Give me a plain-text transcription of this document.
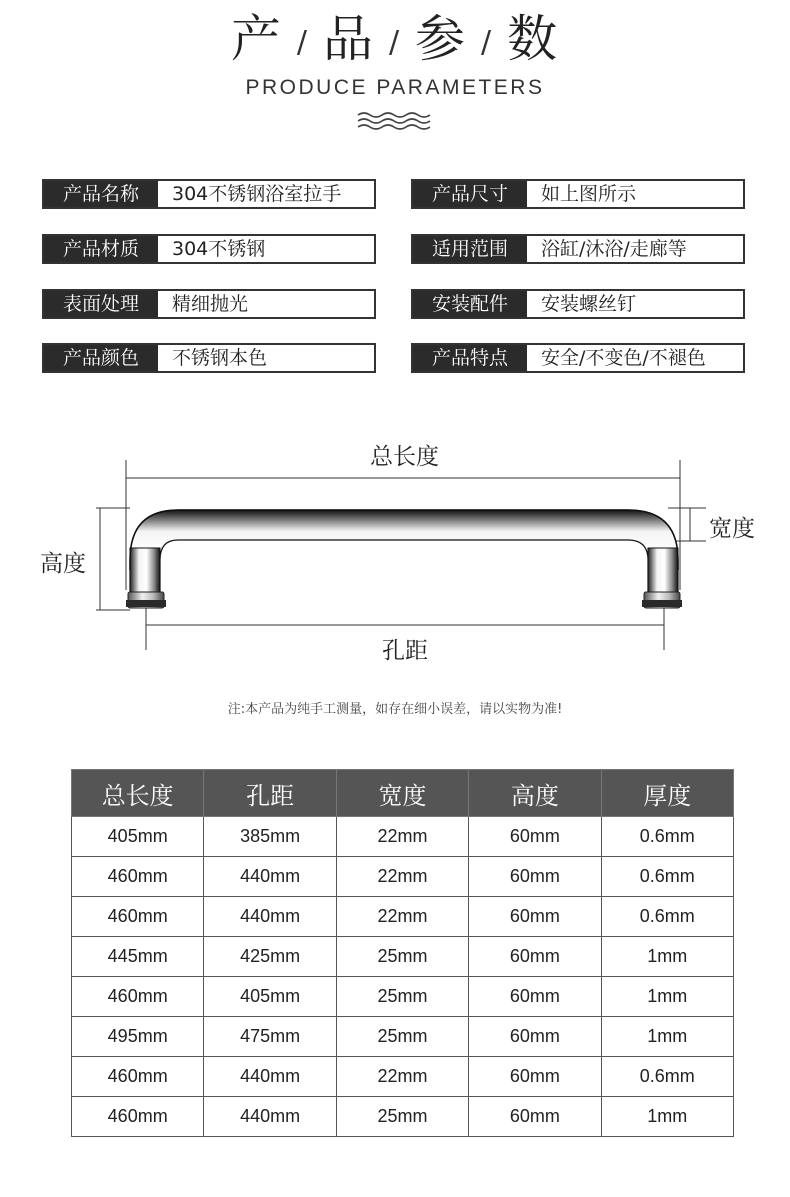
产 / 品 / 参 / 数
PRODUCE PARAMETERS
产品名称	304不锈钢浴室拉手	产品尺寸	如上图所示
产品材质	304不锈钢	适用范围	浴缸/沐浴/走廊等
表面处理	精细抛光	安装配件	安装螺丝钉
产品颜色	不锈钢本色	产品特点	安全/不变色/不褪色
总长度
高度
宽度
孔距
注:本产品为纯手工测量，如存在细小误差，请以实物为准!
总长度	孔距	宽度	高度	厚度
405mm	385mm	22mm	60mm	0.6mm
460mm	440mm	22mm	60mm	0.6mm
460mm	440mm	22mm	60mm	0.6mm
445mm	425mm	25mm	60mm	1mm
460mm	405mm	25mm	60mm	1mm
495mm	475mm	25mm	60mm	1mm
460mm	440mm	22mm	60mm	0.6mm
460mm	440mm	25mm	60mm	1mm
